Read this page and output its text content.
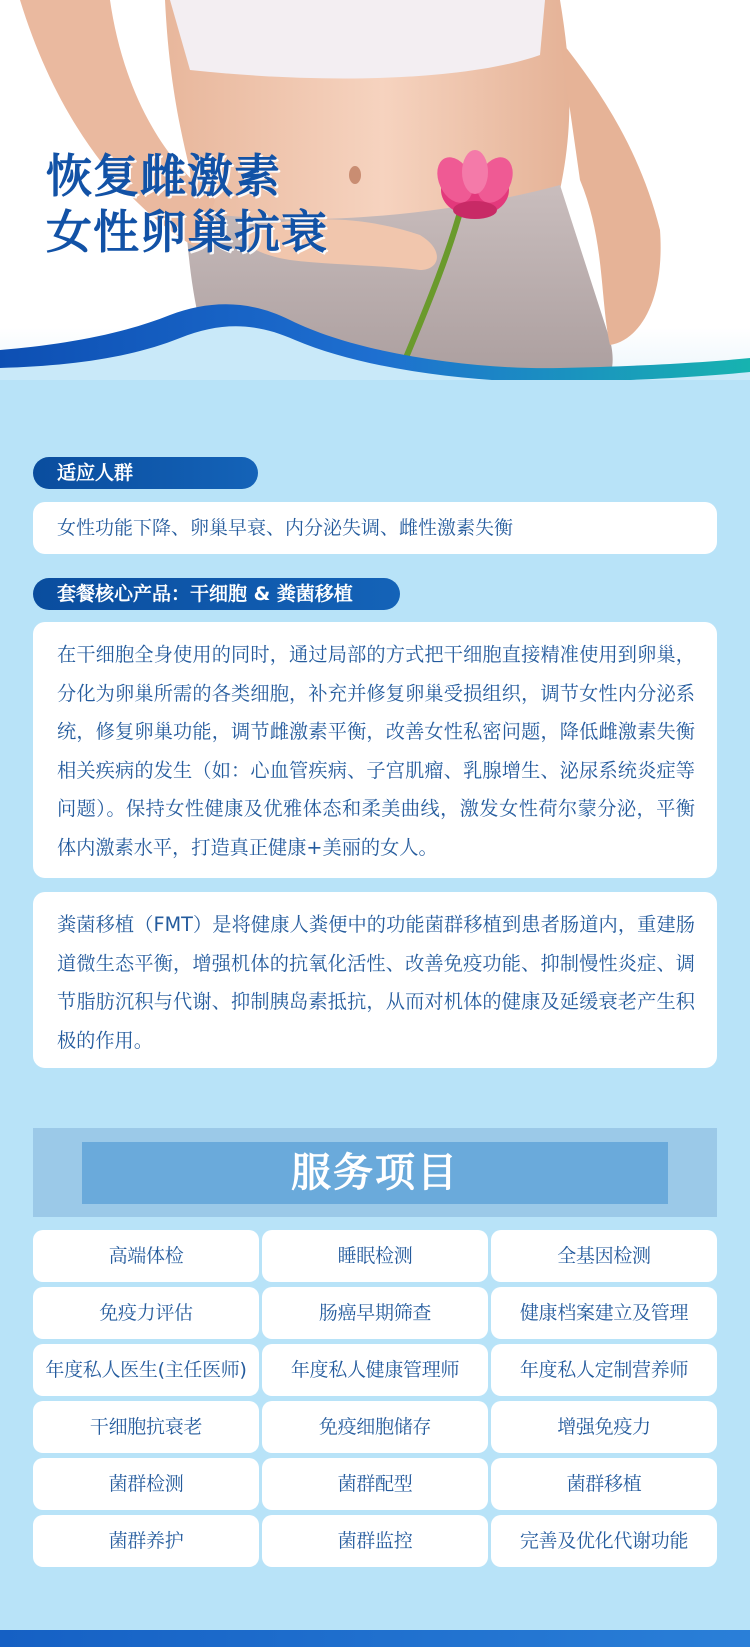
恢复雌激素
女性卵巢抗衰
适应人群

女性功能下降、卵巢早衰、内分泌失调、雌性激素失衡

套餐核心产品：干细胞 & 粪菌移植

在干细胞全身使用的同时，通过局部的方式把干细胞直接精准使用到卵巢，分化为卵巢所需的各类细胞，补充并修复卵巢受损组织，调节女性内分泌系统，修复卵巢功能，调节雌激素平衡，改善女性私密问题，降低雌激素失衡相关疾病的发生（如：心血管疾病、子宫肌瘤、乳腺增生、泌尿系统炎症等问题）。保持女性健康及优雅体态和柔美曲线，激发女性荷尔蒙分泌，平衡体内激素水平，打造真正健康+美丽的女人。

粪菌移植（FMT）是将健康人粪便中的功能菌群移植到患者肠道内，重建肠道微生态平衡，增强机体的抗氧化活性、改善免疫功能、抑制慢性炎症、调节脂肪沉积与代谢、抑制胰岛素抵抗，从而对机体的健康及延缓衰老产生积极的作用。

服务项目
高端体检	睡眠检测	全基因检测
免疫力评估	肠癌早期筛查	健康档案建立及管理
年度私人医生(主任医师)	年度私人健康管理师	年度私人定制营养师
干细胞抗衰老	免疫细胞储存	增强免疫力
菌群检测	菌群配型	菌群移植
菌群养护	菌群监控	完善及优化代谢功能
